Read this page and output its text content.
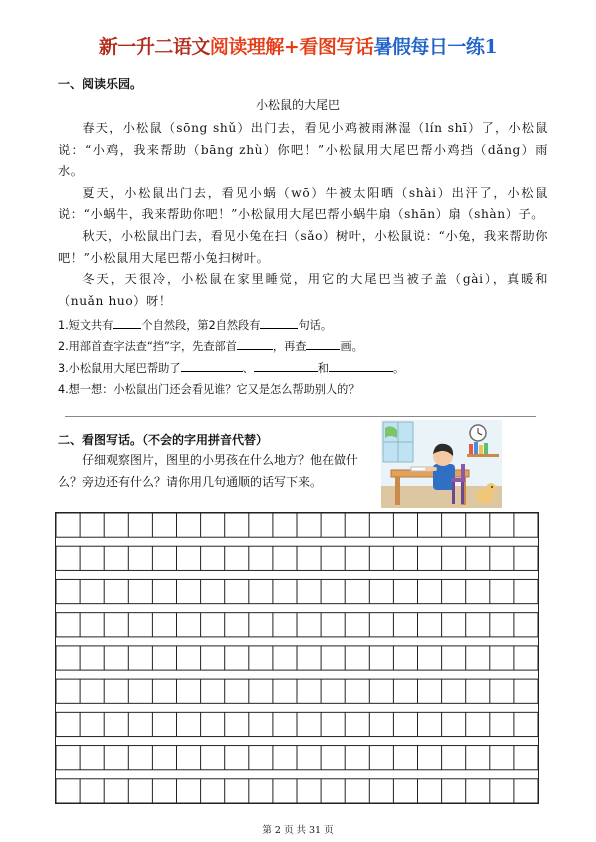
新一升二语文阅读理解+看图写话暑假每日一练1
一、阅读乐园。
小松鼠的大尾巴

春天，小松鼠（sōng shǔ）出门去，看见小鸡被雨淋湿（lín shī）了，小松鼠说：“小鸡，我来帮助（bāng zhù）你吧！”小松鼠用大尾巴帮小鸡挡（dǎng）雨水。

夏天，小松鼠出门去，看见小蜗（wō）牛被太阳晒（shài）出汗了，小松鼠说：“小蜗牛，我来帮助你吧！”小松鼠用大尾巴帮小蜗牛扇（shān）扇（shàn）子。

秋天，小松鼠出门去，看见小兔在扫（sǎo）树叶，小松鼠说：“小兔，我来帮助你吧！”小松鼠用大尾巴帮小兔扫树叶。

冬天，天很冷，小松鼠在家里睡觉，用它的大尾巴当被子盖（gài），真暖和（nuǎn huo）呀！

1.短文共有	个自然段，第2自然段有	句话。
2.用部首查字法查“挡”字，先查部首	，再查	画。
3.小松鼠用大尾巴帮助了	、	和	。
4.想一想：小松鼠出门还会看见谁？它又是怎么帮助别人的？
二、看图写话。（不会的字用拼音代替）

仔细观察图片，图里的小男孩在什么地方？他在做什么？旁边还有什么？请你用几句通顺的话写下来。

第 2 页 共 31 页
